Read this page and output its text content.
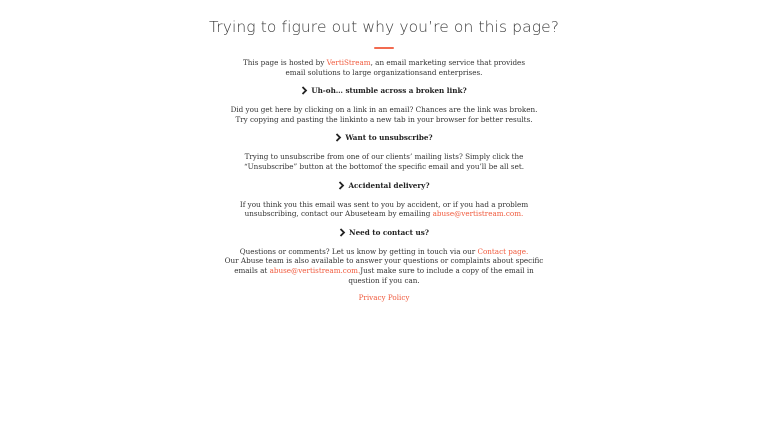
Trying to figure out why you’re on this page?

This page is hosted by VertiStream, an email marketing service that provides email solutions to large organizationsand enterprises.

Uh-oh… stumble across a broken link?

Did you get here by clicking on a link in an email? Chances are the link was broken. Try copying and pasting the linkinto a new tab in your browser for better results.

Want to unsubscribe?

Trying to unsubscribe from one of our clients’ mailing lists? Simply click the “Unsubscribe” button at the bottomof the specific email and you’ll be all set.

Accidental delivery?

If you think you this email was sent to you by accident, or if you had a problem unsubscribing, contact our Abuseteam by emailing abuse@vertistream.com.

Need to contact us?

Questions or comments? Let us know by getting in touch via our Contact page.
Our Abuse team is also available to answer your questions or complaints about specific emails at abuse@vertistream.com.Just make sure to include a copy of the email in question if you can.

Privacy Policy
